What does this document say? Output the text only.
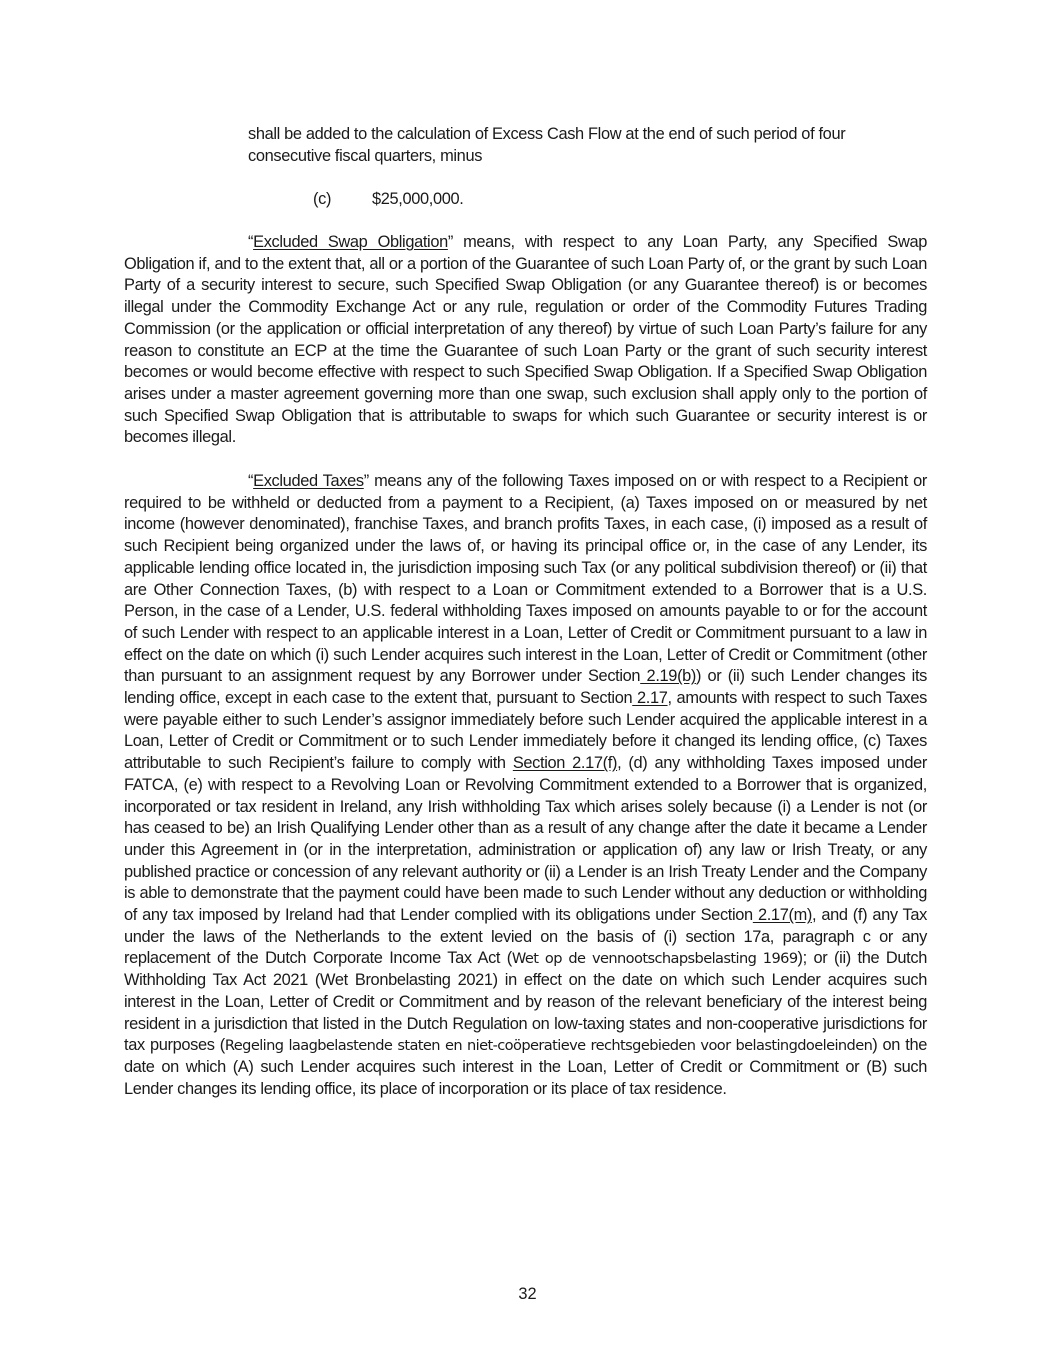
shall be added to the calculation of Excess Cash Flow at the end of such period of four consecutive fiscal quarters, minus

(c) $25,000,000.

“Excluded Swap Obligation” means, with respect to any Loan Party, any Specified Swap Obligation if, and to the extent that, all or a portion of the Guarantee of such Loan Party of, or the grant by such Loan Party of a security interest to secure, such Specified Swap Obligation (or any Guarantee thereof) is or becomes illegal under the Commodity Exchange Act or any rule, regulation or order of the Commodity Futures Trading Commission (or the application or official interpretation of any thereof) by virtue of such Loan Party’s failure for any reason to constitute an ECP at the time the Guarantee of such Loan Party or the grant of such security interest becomes or would become effective with respect to such Specified Swap Obligation. If a Specified Swap Obligation arises under a master agreement governing more than one swap, such exclusion shall apply only to the portion of such Specified Swap Obligation that is attributable to swaps for which such Guarantee or security interest is or becomes illegal.

“Excluded Taxes” means any of the following Taxes imposed on or with respect to a Recipient or required to be withheld or deducted from a payment to a Recipient, (a) Taxes imposed on or measured by net income (however denominated), franchise Taxes, and branch profits Taxes, in each case, (i) imposed as a result of such Recipient being organized under the laws of, or having its principal office or, in the case of any Lender, its applicable lending office located in, the jurisdiction imposing such Tax (or any political subdivision thereof) or (ii) that are Other Connection Taxes, (b) with respect to a Loan or Commitment extended to a Borrower that is a U.S. Person, in the case of a Lender, U.S. federal withholding Taxes imposed on amounts payable to or for the account of such Lender with respect to an applicable interest in a Loan, Letter of Credit or Commitment pursuant to a law in effect on the date on which (i) such Lender acquires such interest in the Loan, Letter of Credit or Commitment (other than pursuant to an assignment request by any Borrower under Section 2.19(b)) or (ii) such Lender changes its lending office, except in each case to the extent that, pursuant to Section 2.17, amounts with respect to such Taxes were payable either to such Lender’s assignor immediately before such Lender acquired the applicable interest in a Loan, Letter of Credit or Commitment or to such Lender immediately before it changed its lending office, (c) Taxes attributable to such Recipient’s failure to comply with Section 2.17(f), (d) any withholding Taxes imposed under FATCA, (e) with respect to a Revolving Loan or Revolving Commitment extended to a Borrower that is organized, incorporated or tax resident in Ireland, any Irish withholding Tax which arises solely because (i) a Lender is not (or has ceased to be) an Irish Qualifying Lender other than as a result of any change after the date it became a Lender under this Agreement in (or in the interpretation, administration or application of) any law or Irish Treaty, or any published practice or concession of any relevant authority or (ii) a Lender is an Irish Treaty Lender and the Company is able to demonstrate that the payment could have been made to such Lender without any deduction or withholding of any tax imposed by Ireland had that Lender complied with its obligations under Section 2.17(m), and (f) any Tax under the laws of the Netherlands to the extent levied on the basis of (i) section 17a, paragraph c or any replacement of the Dutch Corporate Income Tax Act (Wet op de vennootschapsbelasting 1969); or (ii) the Dutch Withholding Tax Act 2021 (Wet Bronbelasting 2021) in effect on the date on which such Lender acquires such interest in the Loan, Letter of Credit or Commitment and by reason of the relevant beneficiary of the interest being resident in a jurisdiction that listed in the Dutch Regulation on low-taxing states and non-cooperative jurisdictions for tax purposes (Regeling laagbelastende staten en niet-coöperatieve rechtsgebieden voor belastingdoeleinden) on the date on which (A) such Lender acquires such interest in the Loan, Letter of Credit or Commitment or (B) such Lender changes its lending office, its place of incorporation or its place of tax residence.

32
